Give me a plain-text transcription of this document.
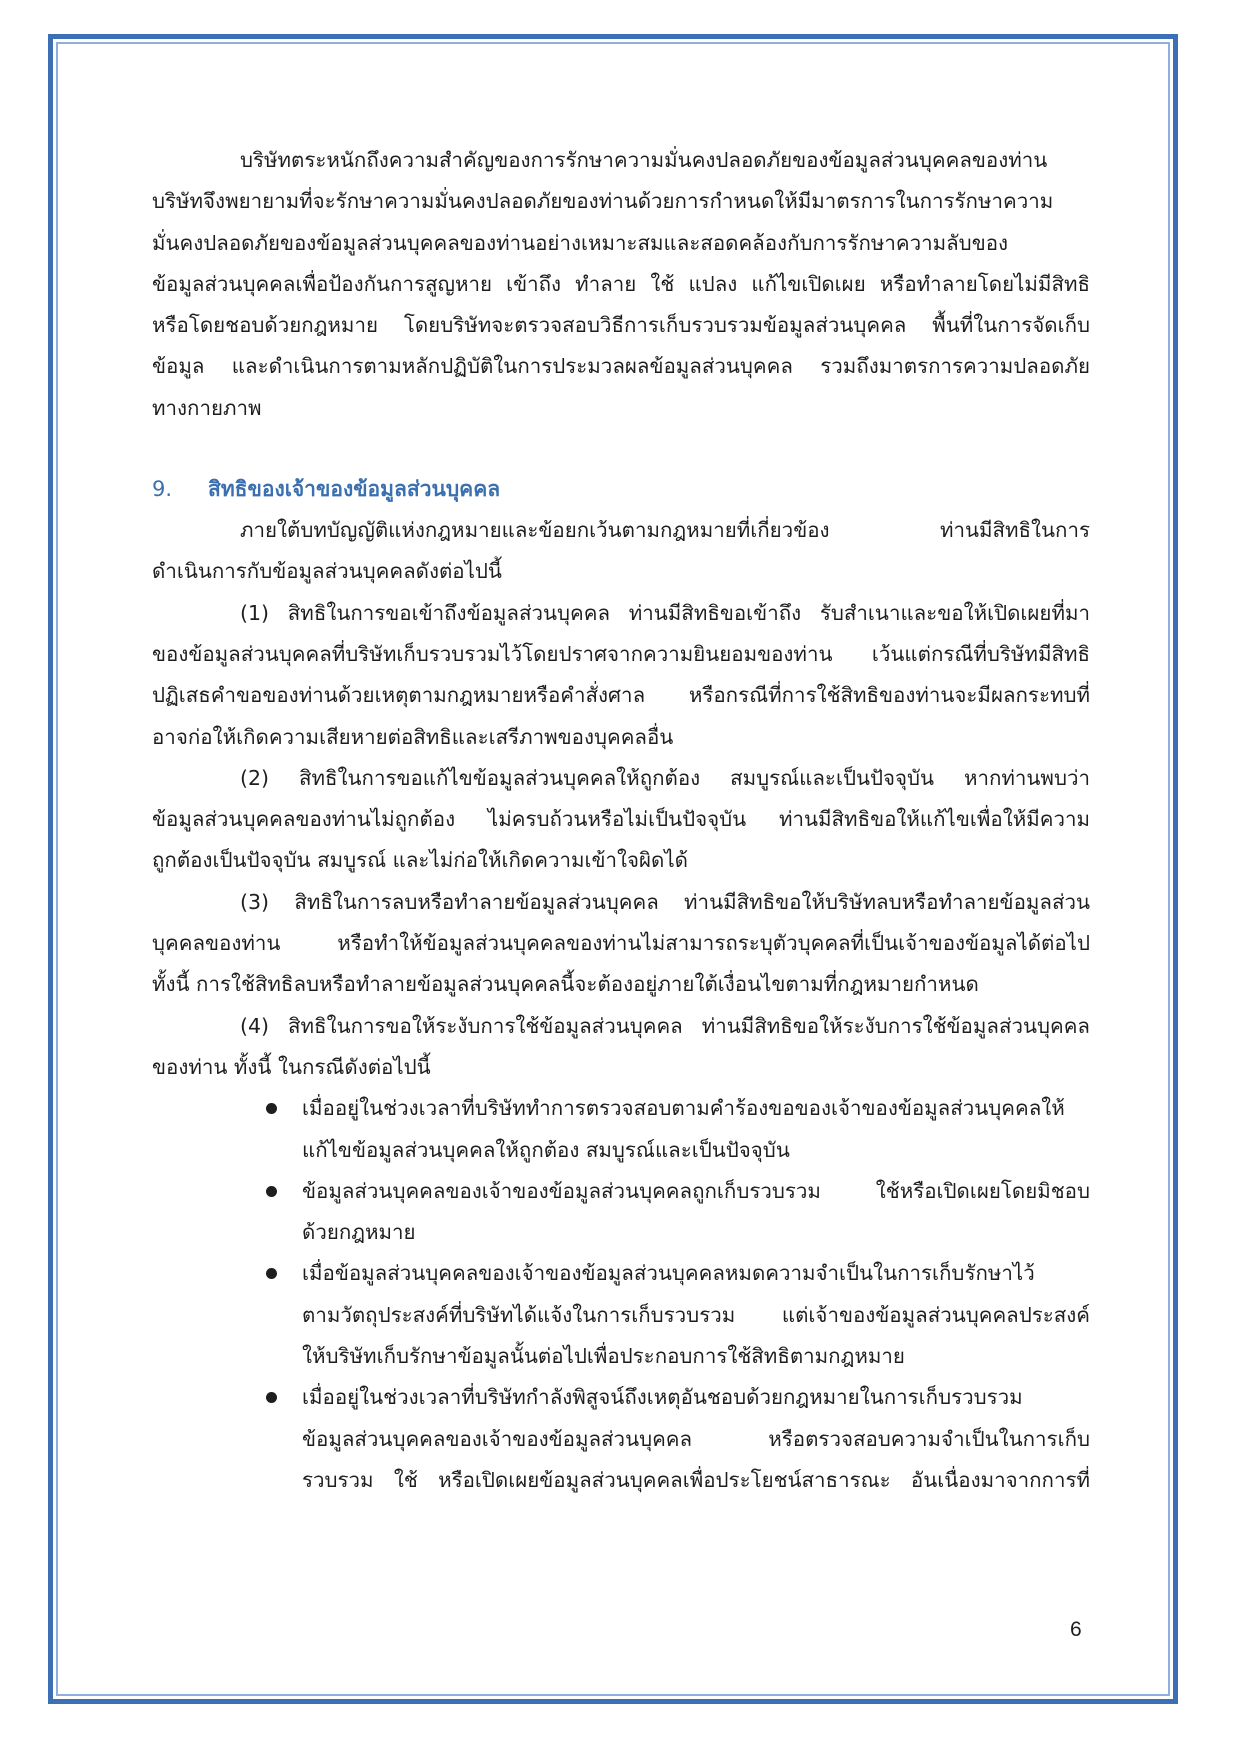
บริษัทตระหนักถึงความสำคัญของการรักษาความมั่นคงปลอดภัยของข้อมูลส่วนบุคคลของท่าน

บริษัทจึงพยายามที่จะรักษาความมั่นคงปลอดภัยของท่านด้วยการกำหนดให้มีมาตรการในการรักษาความ

มั่นคงปลอดภัยของข้อมูลส่วนบุคคลของท่านอย่างเหมาะสมและสอดคล้องกับการรักษาความลับของ

ข้อมูลส่วนบุคคลเพื่อป้องกันการสูญหาย เข้าถึง ทำลาย ใช้ แปลง แก้ไขเปิดเผย หรือทำลายโดยไม่มีสิทธิ

หรือโดยชอบด้วยกฎหมาย โดยบริษัทจะตรวจสอบวิธีการเก็บรวบรวมข้อมูลส่วนบุคคล พื้นที่ในการจัดเก็บ

ข้อมูล และดำเนินการตามหลักปฏิบัติในการประมวลผลข้อมูลส่วนบุคคล รวมถึงมาตรการความปลอดภัย

ทางกายภาพ

9. สิทธิของเจ้าของข้อมูลส่วนบุคคล

ภายใต้บทบัญญัติแห่งกฎหมายและข้อยกเว้นตามกฎหมายที่เกี่ยวข้อง ท่านมีสิทธิในการ

ดำเนินการกับข้อมูลส่วนบุคคลดังต่อไปนี้

(1) สิทธิในการขอเข้าถึงข้อมูลส่วนบุคคล ท่านมีสิทธิขอเข้าถึง รับสำเนาและขอให้เปิดเผยที่มา

ของข้อมูลส่วนบุคคลที่บริษัทเก็บรวบรวมไว้โดยปราศจากความยินยอมของท่าน เว้นแต่กรณีที่บริษัทมีสิทธิ

ปฏิเสธคำขอของท่านด้วยเหตุตามกฎหมายหรือคำสั่งศาล หรือกรณีที่การใช้สิทธิของท่านจะมีผลกระทบที่

อาจก่อให้เกิดความเสียหายต่อสิทธิและเสรีภาพของบุคคลอื่น

(2) สิทธิในการขอแก้ไขข้อมูลส่วนบุคคลให้ถูกต้อง สมบูรณ์และเป็นปัจจุบัน หากท่านพบว่า

ข้อมูลส่วนบุคคลของท่านไม่ถูกต้อง ไม่ครบถ้วนหรือไม่เป็นปัจจุบัน ท่านมีสิทธิขอให้แก้ไขเพื่อให้มีความ

ถูกต้องเป็นปัจจุบัน สมบูรณ์ และไม่ก่อให้เกิดความเข้าใจผิดได้

(3) สิทธิในการลบหรือทำลายข้อมูลส่วนบุคคล ท่านมีสิทธิขอให้บริษัทลบหรือทำลายข้อมูลส่วน

บุคคลของท่าน หรือทำให้ข้อมูลส่วนบุคคลของท่านไม่สามารถระบุตัวบุคคลที่เป็นเจ้าของข้อมูลได้ต่อไป

ทั้งนี้ การใช้สิทธิลบหรือทำลายข้อมูลส่วนบุคคลนี้จะต้องอยู่ภายใต้เงื่อนไขตามที่กฎหมายกำหนด

(4) สิทธิในการขอให้ระงับการใช้ข้อมูลส่วนบุคคล ท่านมีสิทธิขอให้ระงับการใช้ข้อมูลส่วนบุคคล

ของท่าน ทั้งนี้ ในกรณีดังต่อไปนี้

เมื่ออยู่ในช่วงเวลาที่บริษัททำการตรวจสอบตามคำร้องขอของเจ้าของข้อมูลส่วนบุคคลให้

แก้ไขข้อมูลส่วนบุคคลให้ถูกต้อง สมบูรณ์และเป็นปัจจุบัน

ข้อมูลส่วนบุคคลของเจ้าของข้อมูลส่วนบุคคลถูกเก็บรวบรวม ใช้หรือเปิดเผยโดยมิชอบ

ด้วยกฎหมาย

เมื่อข้อมูลส่วนบุคคลของเจ้าของข้อมูลส่วนบุคคลหมดความจำเป็นในการเก็บรักษาไว้

ตามวัตถุประสงค์ที่บริษัทได้แจ้งในการเก็บรวบรวม แต่เจ้าของข้อมูลส่วนบุคคลประสงค์

ให้บริษัทเก็บรักษาข้อมูลนั้นต่อไปเพื่อประกอบการใช้สิทธิตามกฎหมาย

เมื่ออยู่ในช่วงเวลาที่บริษัทกำลังพิสูจน์ถึงเหตุอันชอบด้วยกฎหมายในการเก็บรวบรวม

ข้อมูลส่วนบุคคลของเจ้าของข้อมูลส่วนบุคคล หรือตรวจสอบความจำเป็นในการเก็บ

รวบรวม ใช้ หรือเปิดเผยข้อมูลส่วนบุคคลเพื่อประโยชน์สาธารณะ อันเนื่องมาจากการที่

6
